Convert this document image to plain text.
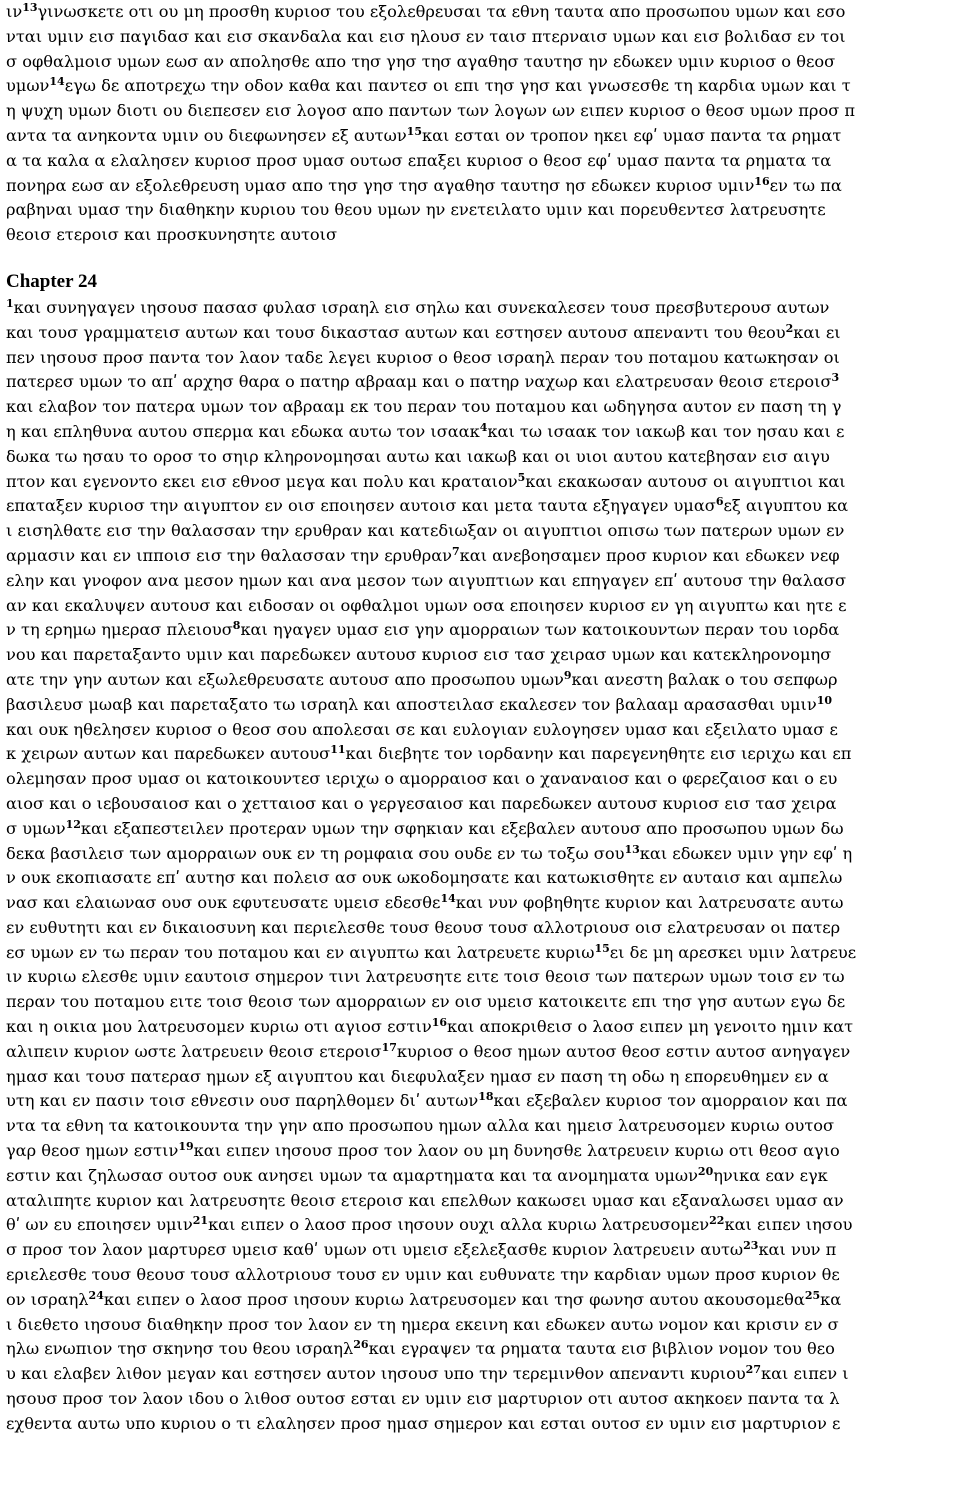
$\iota\nu^{13}\gamma\iota\nu\omega\sigma\kappa\varepsilon\tau\varepsilon$ οτι ου μη προσθη κυριοσ του εξολεθρευσαι τα εθνη ταυτα απο προσωπου υμων και εσο
νται υμιν εισ παγιδασ και εισ σκανδαλα και εισ ηλουσ εν ταισ πτερναισ υμων και εισ βολιδασ εν τοι
σ οφθαλμοισ υμων εωσ αν απολησθε απο τησ γησ τησ αγαθησ ταυτησ ην εδωκεν υμιν κυριοσ ο θεοσ
υμων$^{14}$εγω δε αποτρεχω την οδον καθα και παντεσ οι επι τησ γησ και γνωσεσθε τη καρδια υμων και τ
η ψυχη υμων διοτι ου διεπεσεν εισ λογοσ απο παντων των λογων ων ειπεν κυριοσ ο θεοσ υμων προσ π
αντα τα ανηκοντα υμιν ου διεφωνησεν εξ αυτων$^{15}$και εσται ον τροπον ηκει εφʹ υμασ παντα τα ρηματ
α τα καλα α ελαλησεν κυριοσ προσ υμασ ουτωσ επαξει κυριοσ ο θεοσ εφʹ υμασ παντα τα ρηματα τα
πονηρα εωσ αν εξολεθρευση υμασ απο τησ γησ τησ αγαθησ ταυτησ ησ εδωκεν κυριοσ υμιν$^{16}$εν τω πα
ραβηναι υμασ την διαθηκην κυριου του θεου υμων ην ενετειλατο υμιν και πορευθεντεσ λατρευσητε
θεοισ ετεροισ και προσκυνησητε αυτοισ
Chapter 24
$^1$και συνηγαγεν ιησουσ πασασ φυλασ ισραηλ εισ σηλω και συνεκαλεσεν τουσ πρεσβυτερουσ αυτων
και τουσ γραμματεισ αυτων και τουσ δικαστασ αυτων και εστησεν αυτουσ απεναντι του θεου$^2$και ει
πεν ιησουσ προσ παντα τον λαον ταδε λεγει κυριοσ ο θεοσ ισραηλ περαν του ποταμου κατωκησαν οι
πατερεσ υμων το απʹ αρχησ θαρα ο πατηρ αβρααμ και ο πατηρ ναχωρ και ελατρευσαν θεοισ ετεροισ$^3$
και ελαβον τον πατερα υμων τον αβρααμ εκ του περαν του ποταμου και ωδηγησα αυτον εν παση τη γ
η και επληθυνα αυτου σπερμα και εδωκα αυτω τον ισαακ$^4$και τω ισαακ τον ιακωβ και τον ησαυ και ε
δωκα τω ησαυ το οροσ το σηιρ κληρονομησαι αυτω και ιακωβ και οι υιοι αυτου κατεβησαν εισ αιγυ
πτον και εγενοντο εκει εισ εθνοσ μεγα και πολυ και κραταιον$^5$και εκακωσαν αυτουσ οι αιγυπτιοι και
επαταξεν κυριοσ την αιγυπτον εν οισ εποιησεν αυτοισ και μετα ταυτα εξηγαγεν υμασ$^6$εξ αιγυπτου κα
ι εισηλθατε εισ την θαλασσαν την ερυθραν και κατεδιωξαν οι αιγυπτιοι οπισω των πατερων υμων εν
αρμασιν και εν ιπποισ εισ την θαλασσαν την ερυθραν$^7$και ανεβοησαμεν προσ κυριον και εδωκεν νεφ
ελην και γνοφον ανα μεσον ημων και ανα μεσον των αιγυπτιων και επηγαγεν επʹ αυτουσ την θαλασσ
αν και εκαλυψεν αυτουσ και ειδοσαν οι οφθαλμοι υμων οσα εποιησεν κυριοσ εν γη αιγυπτω και ητε ε
ν τη ερημω ημερασ πλειουσ$^8$και ηγαγεν υμασ εισ γην αμορραιων των κατοικουντων περαν του ιορδα
νου και παρεταξαντο υμιν και παρεδωκεν αυτουσ κυριοσ εισ τασ χειρασ υμων και κατεκληρονομησ
ατε την γην αυτων και εξωλεθρευσατε αυτουσ απο προσωπου υμων$^9$και ανεστη βαλακ ο του σεπφωρ
βασιλευσ μωαβ και παρεταξατο τω ισραηλ και αποστειλασ εκαλεσεν τον βαλααμ αρασασθαι υμιν$^{10}$
και ουκ ηθελησεν κυριοσ ο θεοσ σου απολεσαι σε και ευλογιαν ευλογησεν υμασ και εξειλατο υμασ ε
κ χειρων αυτων και παρεδωκεν αυτουσ$^{11}$και διεβητε τον ιορδανην και παρεγενηθητε εισ ιεριχω και επ
ολεμησαν προσ υμασ οι κατοικουντεσ ιεριχω ο αμορραιοσ και ο χαναναιοσ και ο φερεζαιοσ και ο ευ
αιοσ και ο ιεβουσαιοσ και ο χετταιοσ και ο γεργεσαιοσ και παρεδωκεν αυτουσ κυριοσ εισ τασ χειρα
σ υμων$^{12}$και εξαπεστειλεν προτεραν υμων την σφηκιαν και εξεβαλεν αυτουσ απο προσωπου υμων δω
δεκα βασιλεισ των αμορραιων ουκ εν τη ρομφαια σου ουδε εν τω τοξω σου$^{13}$και εδωκεν υμιν γην εφʹ η
ν ουκ εκοπιασατε επʹ αυτησ και πολεισ ασ ουκ ωκοδομησατε και κατωκισθητε εν αυταισ και αμπελω
νασ και ελαιωνασ ουσ ουκ εφυτευσατε υμεισ εδεσθε$^{14}$και νυν φοβηθητε κυριον και λατρευσατε αυτω
εν ευθυτητι και εν δικαιοσυνη και περιελεσθε τουσ θεουσ τουσ αλλοτριουσ οισ ελατρευσαν οι πατερ
εσ υμων εν τω περαν του ποταμου και εν αιγυπτω και λατρευετε κυριω$^{15}$ει δε μη αρεσκει υμιν λατρευε
ιν κυριω ελεσθε υμιν εαυτοισ σημερον τινι λατρευσητε ειτε τοισ θεοισ των πατερων υμων τοισ εν τω
περαν του ποταμου ειτε τοισ θεοισ των αμορραιων εν οισ υμεισ κατοικειτε επι τησ γησ αυτων εγω δε
και η οικια μου λατρευσομεν κυριω οτι αγιοσ εστιν$^{16}$και αποκριθεισ ο λαοσ ειπεν μη γενοιτο ημιν κατ
αλιπειν κυριον ωστε λατρευειν θεοισ ετεροισ$^{17}$κυριοσ ο θεοσ ημων αυτοσ θεοσ εστιν αυτοσ ανηγαγεν
ημασ και τουσ πατερασ ημων εξ αιγυπτου και διεφυλαξεν ημασ εν παση τη οδω η επορευθημεν εν α
υτη και εν πασιν τοισ εθνεσιν ουσ παρηλθομεν διʹ αυτων$^{18}$και εξεβαλεν κυριοσ τον αμορραιον και πα
ντα τα εθνη τα κατοικουντα την γην απο προσωπου ημων αλλα και ημεισ λατρευσομεν κυριω ουτοσ
γαρ θεοσ ημων εστιν$^{19}$και ειπεν ιησουσ προσ τον λαον ου μη δυνησθε λατρευειν κυριω οτι θεοσ αγιο
εστιν και ζηλωσασ ουτοσ ουκ ανησει υμων τα αμαρτηματα και τα ανομηματα υμων$^{20}$ηνικα εαν εγκ
αταλιπητε κυριον και λατρευσητε θεοισ ετεροισ και επελθων κακωσει υμασ και εξαναλωσει υμασ αν
θʹ ων ευ εποιησεν υμιν$^{21}$και ειπεν ο λαοσ προσ ιησουν ουχι αλλα κυριω λατρευσομεν$^{22}$και ειπεν ιησου
σ προσ τον λαον μαρτυρεσ υμεισ καθʹ υμων οτι υμεισ εξελεξασθε κυριον λατρευειν αυτω$^{23}$και νυν π
εριελεσθε τουσ θεουσ τουσ αλλοτριουσ τουσ εν υμιν και ευθυνατε την καρδιαν υμων προσ κυριον θε
ον ισραηλ$^{24}$και ειπεν ο λαοσ προσ ιησουν κυριω λατρευσομεν και τησ φωνησ αυτου ακουσομεθα$^{25}$κα
ι διεθετο ιησουσ διαθηκην προσ τον λαον εν τη ημερα εκεινη και εδωκεν αυτω νομον και κρισιν εν σ
ηλω ενωπιον τησ σκηνησ του θεου ισραηλ$^{26}$και εγραψεν τα ρηματα ταυτα εισ βιβλιον νομον του θεο
υ και ελαβεν λιθον μεγαν και εστησεν αυτον ιησουσ υπο την τερεμινθον απεναντι κυριου$^{27}$και ειπεν ι
ησουσ προσ τον λαον ιδου ο λιθοσ ουτοσ εσται εν υμιν εισ μαρτυριον οτι αυτοσ ακηκοεν παντα τα λ
εχθεντα αυτω υπο κυριου ο τι ελαλησεν προσ ημασ σημερον και εσται ουτοσ εν υμιν εισ μαρτυριον ε
